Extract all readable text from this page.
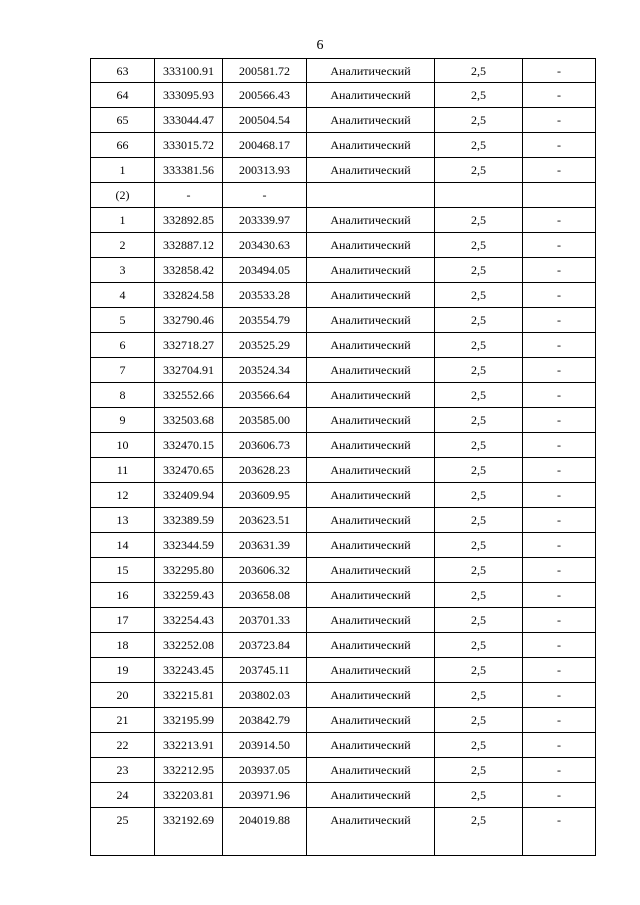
6
63	333100.91	200581.72	Аналитический	2,5	-
64	333095.93	200566.43	Аналитический	2,5	-
65	333044.47	200504.54	Аналитический	2,5	-
66	333015.72	200468.17	Аналитический	2,5	-
1	333381.56	200313.93	Аналитический	2,5	-
(2)	-	-			
1	332892.85	203339.97	Аналитический	2,5	-
2	332887.12	203430.63	Аналитический	2,5	-
3	332858.42	203494.05	Аналитический	2,5	-
4	332824.58	203533.28	Аналитический	2,5	-
5	332790.46	203554.79	Аналитический	2,5	-
6	332718.27	203525.29	Аналитический	2,5	-
7	332704.91	203524.34	Аналитический	2,5	-
8	332552.66	203566.64	Аналитический	2,5	-
9	332503.68	203585.00	Аналитический	2,5	-
10	332470.15	203606.73	Аналитический	2,5	-
11	332470.65	203628.23	Аналитический	2,5	-
12	332409.94	203609.95	Аналитический	2,5	-
13	332389.59	203623.51	Аналитический	2,5	-
14	332344.59	203631.39	Аналитический	2,5	-
15	332295.80	203606.32	Аналитический	2,5	-
16	332259.43	203658.08	Аналитический	2,5	-
17	332254.43	203701.33	Аналитический	2,5	-
18	332252.08	203723.84	Аналитический	2,5	-
19	332243.45	203745.11	Аналитический	2,5	-
20	332215.81	203802.03	Аналитический	2,5	-
21	332195.99	203842.79	Аналитический	2,5	-
22	332213.91	203914.50	Аналитический	2,5	-
23	332212.95	203937.05	Аналитический	2,5	-
24	332203.81	203971.96	Аналитический	2,5	-
25	332192.69	204019.88	Аналитический	2,5	-
